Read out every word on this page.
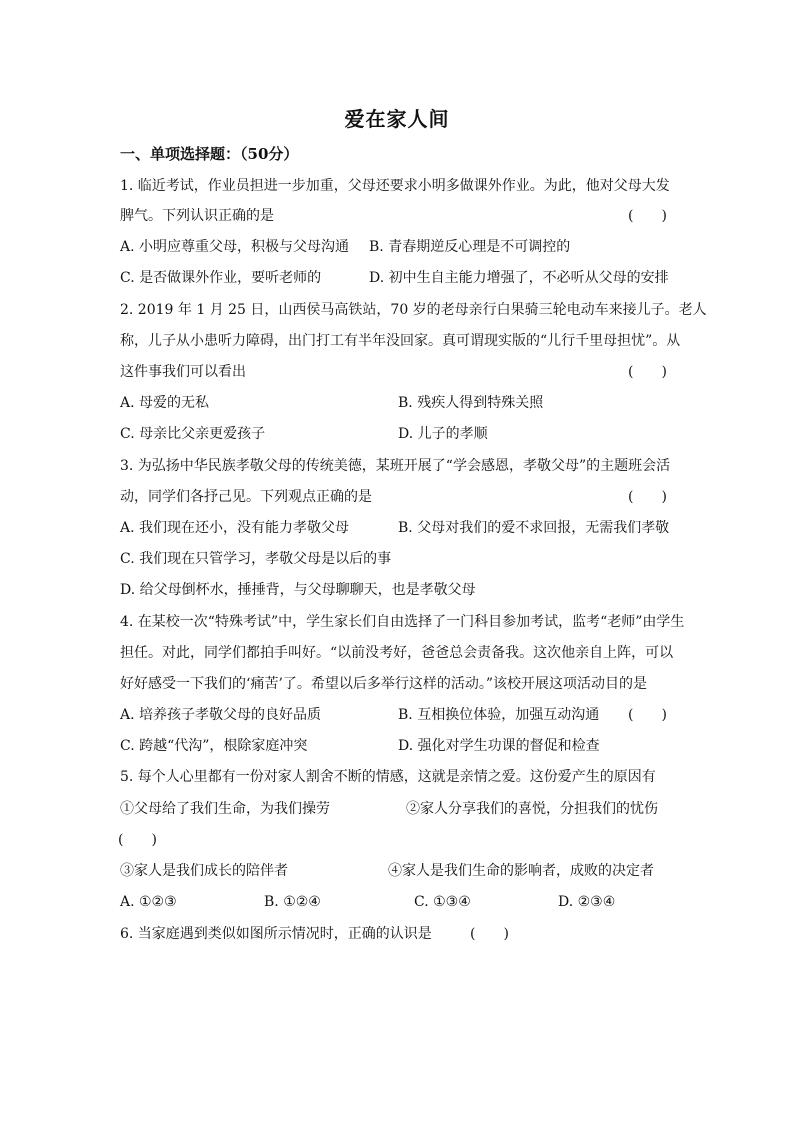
爱在家人间
一、单项选择题：（50分）
1. 临近考试，作业员担进一步加重，父母还要求小明多做课外作业。为此，他对父母大发
脾气。下列认识正确的是	(　　)
A. 小明应尊重父母，积极与父母沟通 B. 青春期逆反心理是不可调控的
C. 是否做课外作业，要听老师的	D. 初中生自主能力增强了，不必听从父母的安排
2. 2019 年 1 月 25 日，山西侯马高铁站，70 岁的老母亲行白果骑三轮电动车来接儿子。老人
称，儿子从小患听力障碍，出门打工有半年没回家。真可谓现实版的“儿行千里母担忧”。从
这件事我们可以看出	(　　)
A. 母爱的无私	B. 残疾人得到特殊关照
C. 母亲比父亲更爱孩子	D. 儿子的孝顺
3. 为弘扬中华民族孝敬父母的传统美德，某班开展了“学会感恩，孝敬父母”的主题班会活
动，同学们各抒己见。下列观点正确的是	(　　)
A. 我们现在还小，没有能力孝敬父母	B. 父母对我们的爱不求回报，无需我们孝敬
C. 我们现在只管学习，孝敬父母是以后的事
D. 给父母倒杯水，捶捶背，与父母聊聊天，也是孝敬父母
4. 在某校一次“特殊考试”中，学生家长们自由选择了一门科目参加考试，监考“老师”由学生
担任。对此，同学们都拍手叫好。“以前没考好，爸爸总会责备我。这次他亲自上阵，可以
好好感受一下我们的‘痛苦’了。希望以后多举行这样的活动。”该校开展这项活动目的是
A. 培养孩子孝敬父母的良好品质	B. 互相换位体验，加强互动沟通 (　　)
C. 跨越“代沟”，根除家庭冲突	D. 强化对学生功课的督促和检查
5. 每个人心里都有一份对家人割舍不断的情感，这就是亲情之爱。这份爱产生的原因有
①父母给了我们生命，为我们操劳	②家人分享我们的喜悦，分担我们的忧伤
(　　)
③家人是我们成长的陪伴者	④家人是我们生命的影响者，成败的决定者
A. ①②③	B. ①②④	C. ①③④	D. ②③④
6. 当家庭遇到类似如图所示情况时，正确的认识是	(　　)
